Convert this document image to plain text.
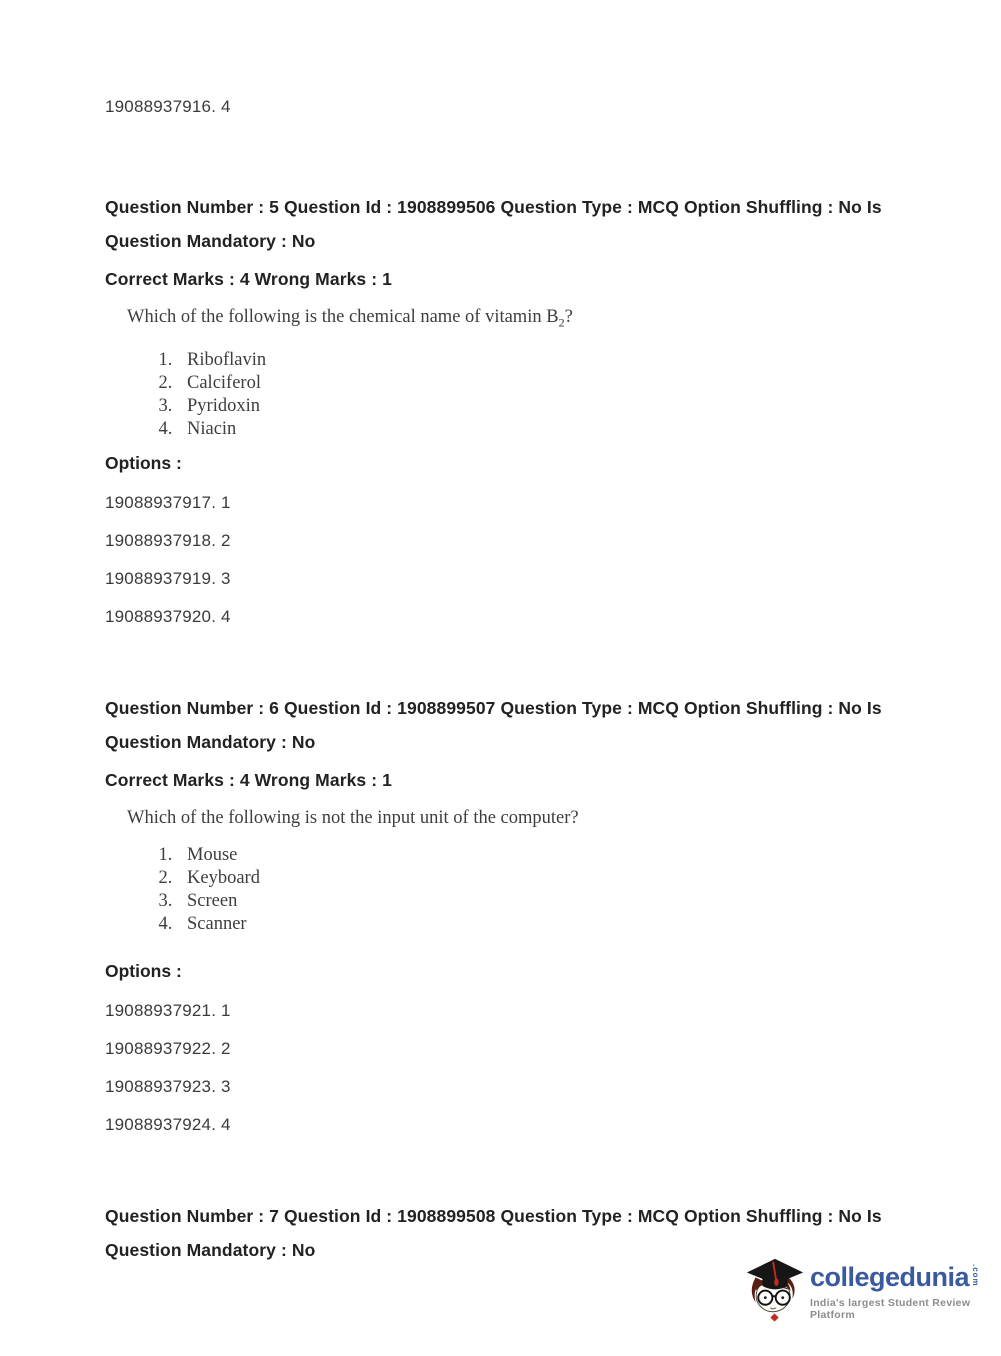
19088937916. 4

Question Number : 5 Question Id : 1908899506 Question Type : MCQ Option Shuffling : No Is

Question Mandatory : No

Correct Marks : 4 Wrong Marks : 1

Which of the following is the chemical name of vitamin $B_2$?

1. Riboflavin
2. Calciferol
3. Pyridoxin
4. Niacin

Options :

19088937917. 1

19088937918. 2

19088937919. 3

19088937920. 4

Question Number : 6 Question Id : 1908899507 Question Type : MCQ Option Shuffling : No Is

Question Mandatory : No

Correct Marks : 4 Wrong Marks : 1

Which of the following is not the input unit of the computer?

1. Mouse
2. Keyboard
3. Screen
4. Scanner

Options :

19088937921. 1

19088937922. 2

19088937923. 3

19088937924. 4

Question Number : 7 Question Id : 1908899508 Question Type : MCQ Option Shuffling : No Is

Question Mandatory : No

collegedunia .com
India's largest Student Review Platform
